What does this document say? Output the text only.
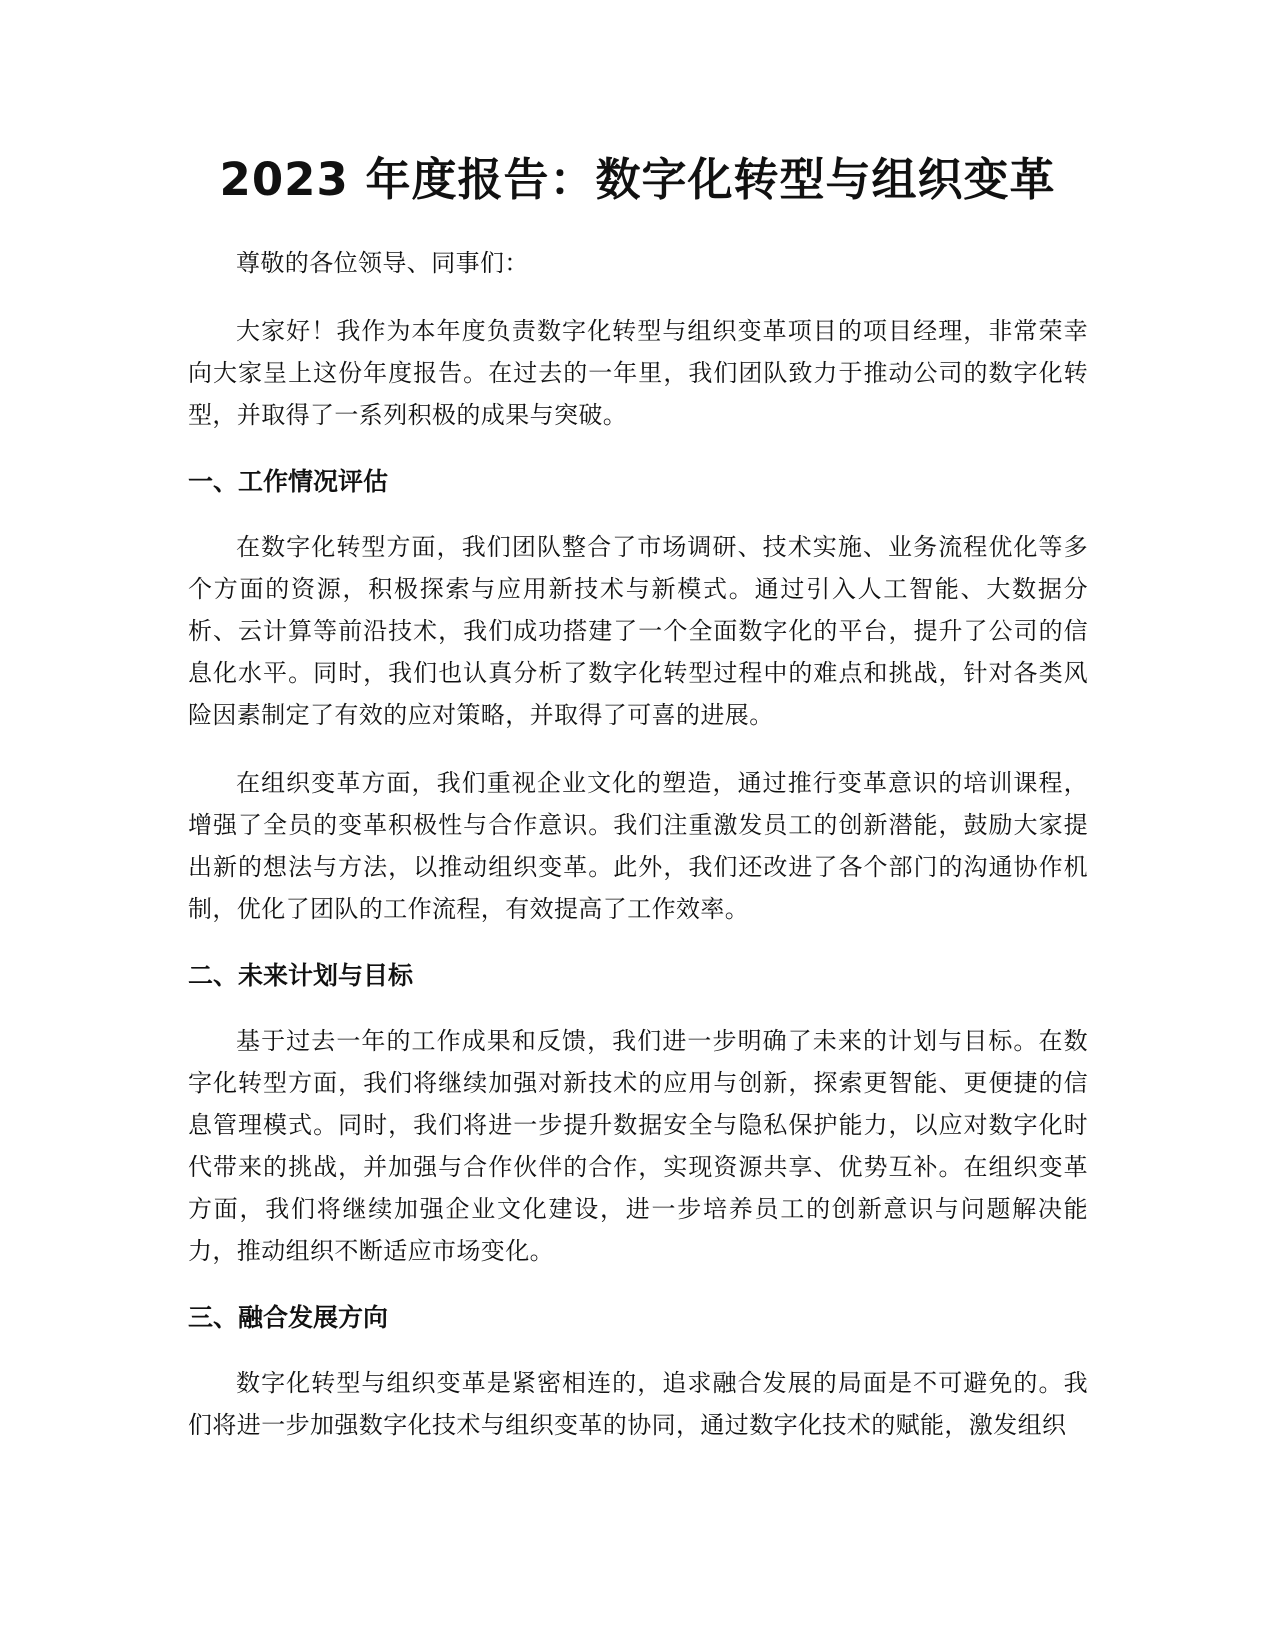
2023 年度报告：数字化转型与组织变革

尊敬的各位领导、同事们：

大家好！我作为本年度负责数字化转型与组织变革项目的项目经理，非常荣幸向大家呈上这份年度报告。在过去的一年里，我们团队致力于推动公司的数字化转型，并取得了一系列积极的成果与突破。

一、工作情况评估

在数字化转型方面，我们团队整合了市场调研、技术实施、业务流程优化等多个方面的资源，积极探索与应用新技术与新模式。通过引入人工智能、大数据分析、云计算等前沿技术，我们成功搭建了一个全面数字化的平台，提升了公司的信息化水平。同时，我们也认真分析了数字化转型过程中的难点和挑战，针对各类风险因素制定了有效的应对策略，并取得了可喜的进展。

在组织变革方面，我们重视企业文化的塑造，通过推行变革意识的培训课程，增强了全员的变革积极性与合作意识。我们注重激发员工的创新潜能，鼓励大家提出新的想法与方法，以推动组织变革。此外，我们还改进了各个部门的沟通协作机制，优化了团队的工作流程，有效提高了工作效率。

二、未来计划与目标

基于过去一年的工作成果和反馈，我们进一步明确了未来的计划与目标。在数字化转型方面，我们将继续加强对新技术的应用与创新，探索更智能、更便捷的信息管理模式。同时，我们将进一步提升数据安全与隐私保护能力，以应对数字化时代带来的挑战，并加强与合作伙伴的合作，实现资源共享、优势互补。在组织变革方面，我们将继续加强企业文化建设，进一步培养员工的创新意识与问题解决能力，推动组织不断适应市场变化。

三、融合发展方向

数字化转型与组织变革是紧密相连的，追求融合发展的局面是不可避免的。我们将进一步加强数字化技术与组织变革的协同，通过数字化技术的赋能，激发组织
